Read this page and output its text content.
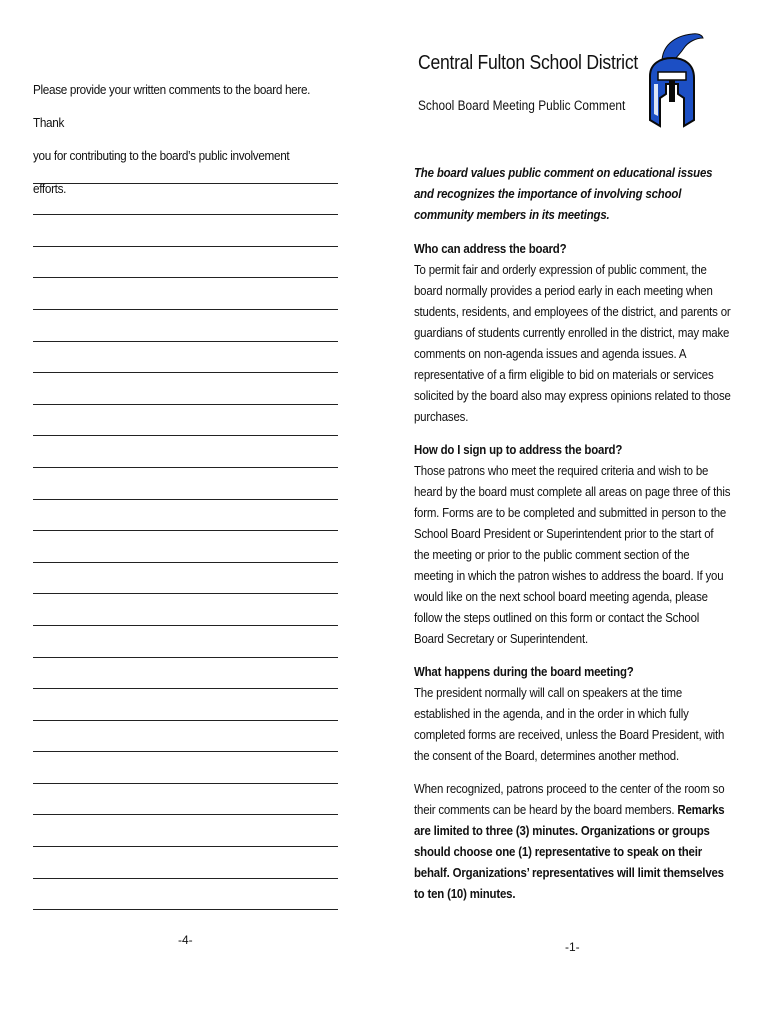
Please provide your written comments to the board here. Thank
you for contributing to the board’s public involvement efforts.
-4-
Central Fulton School District
School Board Meeting Public Comment

The board values public comment on educational issues and recognizes the importance of involving school community members in its meetings.

Who can address the board?
To permit fair and orderly expression of public comment, the board normally provides a period early in each meeting when students, residents, and employees of the district, and parents or guardians of students currently enrolled in the district, may make comments on non-agenda issues and agenda issues. A representative of a firm eligible to bid on materials or services solicited by the board also may express opinions related to those purchases.

How do I sign up to address the board?
Those patrons who meet the required criteria and wish to be heard by the board must complete all areas on page three of this form. Forms are to be completed and submitted in person to the School Board President or Superintendent prior to the start of the meeting or prior to the public comment section of the meeting in which the patron wishes to address the board. If you would like on the next school board meeting agenda, please follow the steps outlined on this form or contact the School Board Secretary or Superintendent.

What happens during the board meeting?
The president normally will call on speakers at the time established in the agenda, and in the order in which fully completed forms are received, unless the Board President, with the consent of the Board, determines another method.

When recognized, patrons proceed to the center of the room so their comments can be heard by the board members. Remarks are limited to three (3) minutes. Organizations or groups should choose one (1) representative to speak on their behalf. Organizations’ representatives will limit themselves to ten (10) minutes.

-1-
